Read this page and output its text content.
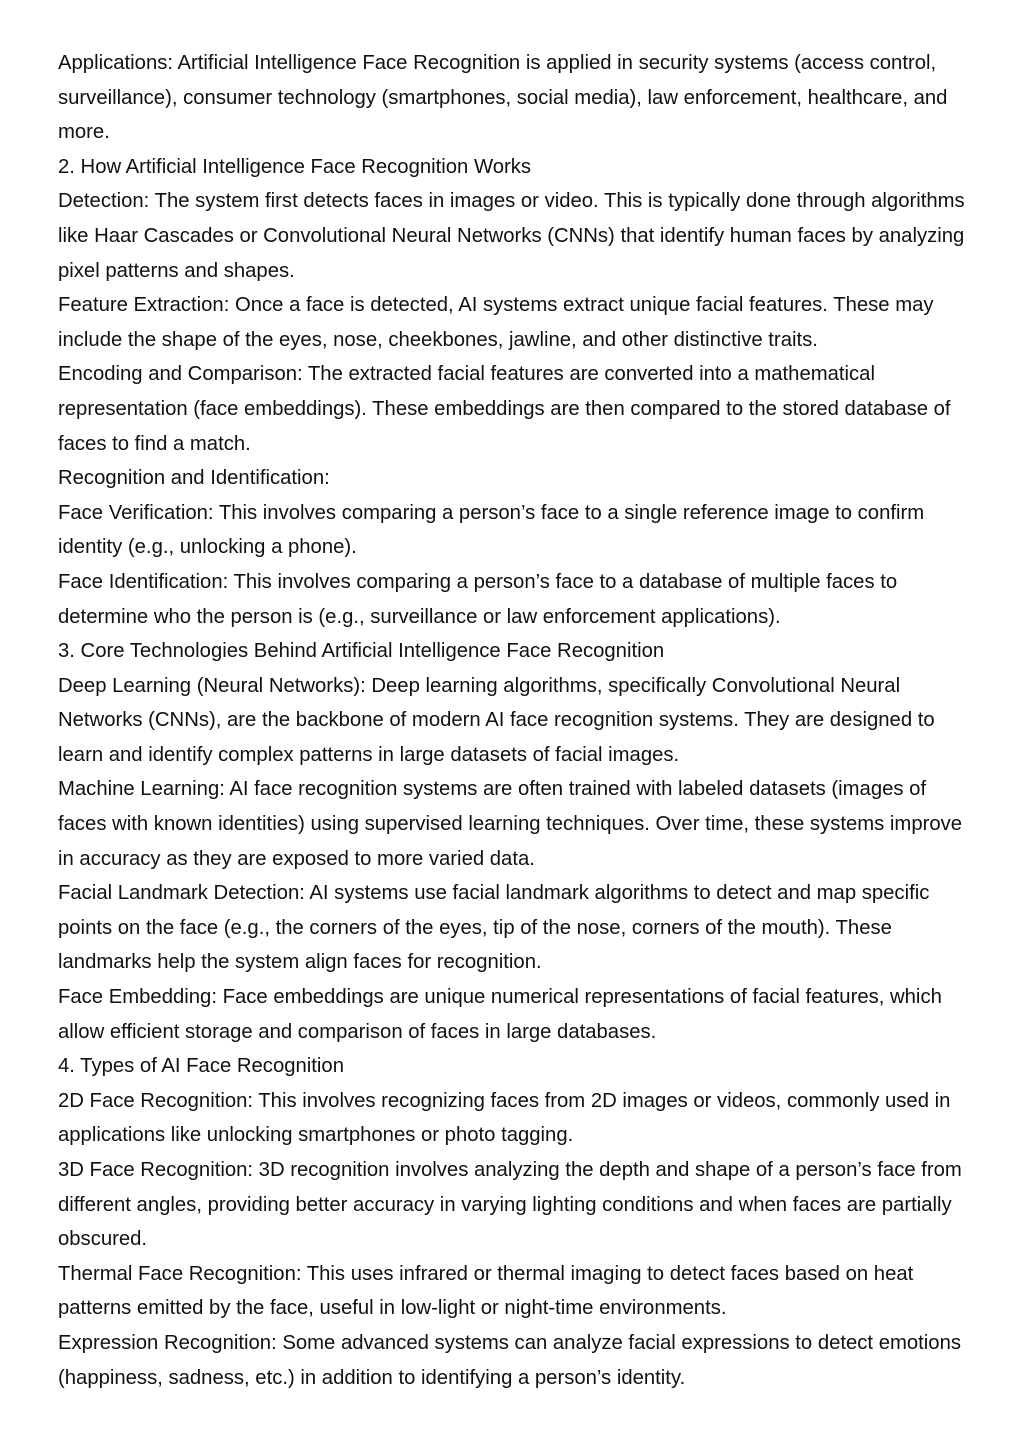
Applications: Artificial Intelligence Face Recognition is applied in security systems (access control, surveillance), consumer technology (smartphones, social media), law enforcement, healthcare, and more.

2. How Artificial Intelligence Face Recognition Works

Detection: The system first detects faces in images or video. This is typically done through algorithms like Haar Cascades or Convolutional Neural Networks (CNNs) that identify human faces by analyzing pixel patterns and shapes.

Feature Extraction: Once a face is detected, AI systems extract unique facial features. These may include the shape of the eyes, nose, cheekbones, jawline, and other distinctive traits.

Encoding and Comparison: The extracted facial features are converted into a mathematical representation (face embeddings). These embeddings are then compared to the stored database of faces to find a match.

Recognition and Identification:

Face Verification: This involves comparing a person’s face to a single reference image to confirm identity (e.g., unlocking a phone).

Face Identification: This involves comparing a person’s face to a database of multiple faces to determine who the person is (e.g., surveillance or law enforcement applications).

3. Core Technologies Behind Artificial Intelligence Face Recognition

Deep Learning (Neural Networks): Deep learning algorithms, specifically Convolutional Neural Networks (CNNs), are the backbone of modern AI face recognition systems. They are designed to learn and identify complex patterns in large datasets of facial images.

Machine Learning: AI face recognition systems are often trained with labeled datasets (images of faces with known identities) using supervised learning techniques. Over time, these systems improve in accuracy as they are exposed to more varied data.

Facial Landmark Detection: AI systems use facial landmark algorithms to detect and map specific points on the face (e.g., the corners of the eyes, tip of the nose, corners of the mouth). These landmarks help the system align faces for recognition.

Face Embedding: Face embeddings are unique numerical representations of facial features, which allow efficient storage and comparison of faces in large databases.

4. Types of AI Face Recognition

2D Face Recognition: This involves recognizing faces from 2D images or videos, commonly used in applications like unlocking smartphones or photo tagging.

3D Face Recognition: 3D recognition involves analyzing the depth and shape of a person’s face from different angles, providing better accuracy in varying lighting conditions and when faces are partially obscured.

Thermal Face Recognition: This uses infrared or thermal imaging to detect faces based on heat patterns emitted by the face, useful in low-light or night-time environments.

Expression Recognition: Some advanced systems can analyze facial expressions to detect emotions (happiness, sadness, etc.) in addition to identifying a person’s identity.
